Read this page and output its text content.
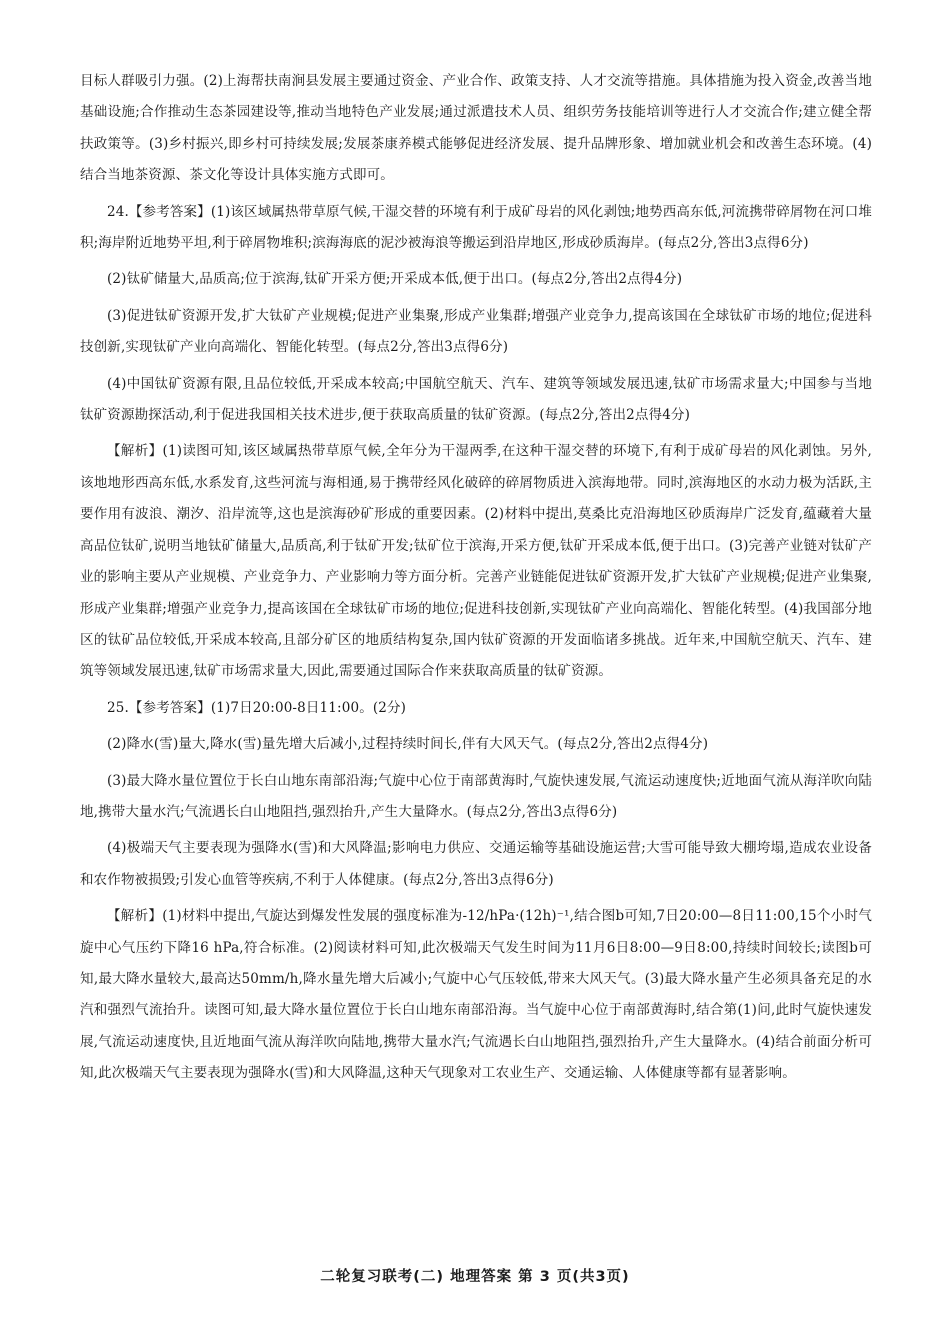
目标人群吸引力强。(2)上海帮扶南涧县发展主要通过资金、产业合作、政策支持、人才交流等措施。具体措施为投入资金,改善当地基础设施;合作推动生态茶园建设等,推动当地特色产业发展;通过派遣技术人员、组织劳务技能培训等进行人才交流合作;建立健全帮扶政策等。(3)乡村振兴,即乡村可持续发展;发展茶康养模式能够促进经济发展、提升品牌形象、增加就业机会和改善生态环境。(4)结合当地茶资源、茶文化等设计具体实施方式即可。

24.【参考答案】(1)该区域属热带草原气候,干湿交替的环境有利于成矿母岩的风化剥蚀;地势西高东低,河流携带碎屑物在河口堆积;海岸附近地势平坦,利于碎屑物堆积;滨海海底的泥沙被海浪等搬运到沿岸地区,形成砂质海岸。(每点2分,答出3点得6分)

(2)钛矿储量大,品质高;位于滨海,钛矿开采方便;开采成本低,便于出口。(每点2分,答出2点得4分)

(3)促进钛矿资源开发,扩大钛矿产业规模;促进产业集聚,形成产业集群;增强产业竞争力,提高该国在全球钛矿市场的地位;促进科技创新,实现钛矿产业向高端化、智能化转型。(每点2分,答出3点得6分)

(4)中国钛矿资源有限,且品位较低,开采成本较高;中国航空航天、汽车、建筑等领域发展迅速,钛矿市场需求量大;中国参与当地钛矿资源勘探活动,利于促进我国相关技术进步,便于获取高质量的钛矿资源。(每点2分,答出2点得4分)

【解析】(1)读图可知,该区域属热带草原气候,全年分为干湿两季,在这种干湿交替的环境下,有利于成矿母岩的风化剥蚀。另外,该地地形西高东低,水系发育,这些河流与海相通,易于携带经风化破碎的碎屑物质进入滨海地带。同时,滨海地区的水动力极为活跃,主要作用有波浪、潮汐、沿岸流等,这也是滨海砂矿形成的重要因素。(2)材料中提出,莫桑比克沿海地区砂质海岸广泛发育,蕴藏着大量高品位钛矿,说明当地钛矿储量大,品质高,利于钛矿开发;钛矿位于滨海,开采方便,钛矿开采成本低,便于出口。(3)完善产业链对钛矿产业的影响主要从产业规模、产业竞争力、产业影响力等方面分析。完善产业链能促进钛矿资源开发,扩大钛矿产业规模;促进产业集聚,形成产业集群;增强产业竞争力,提高该国在全球钛矿市场的地位;促进科技创新,实现钛矿产业向高端化、智能化转型。(4)我国部分地区的钛矿品位较低,开采成本较高,且部分矿区的地质结构复杂,国内钛矿资源的开发面临诸多挑战。近年来,中国航空航天、汽车、建筑等领域发展迅速,钛矿市场需求量大,因此,需要通过国际合作来获取高质量的钛矿资源。

25.【参考答案】(1)7日20:00-8日11:00。(2分)

(2)降水(雪)量大,降水(雪)量先增大后减小,过程持续时间长,伴有大风天气。(每点2分,答出2点得4分)

(3)最大降水量位置位于长白山地东南部沿海;气旋中心位于南部黄海时,气旋快速发展,气流运动速度快;近地面气流从海洋吹向陆地,携带大量水汽;气流遇长白山地阻挡,强烈抬升,产生大量降水。(每点2分,答出3点得6分)

(4)极端天气主要表现为强降水(雪)和大风降温;影响电力供应、交通运输等基础设施运营;大雪可能导致大棚垮塌,造成农业设备和农作物被损毁;引发心血管等疾病,不利于人体健康。(每点2分,答出3点得6分)

【解析】(1)材料中提出,气旋达到爆发性发展的强度标准为-12/hPa·(12h)⁻¹,结合图b可知,7日20:00—8日11:00,15个小时气旋中心气压约下降16 hPa,符合标准。(2)阅读材料可知,此次极端天气发生时间为11月6日8:00—9日8:00,持续时间较长;读图b可知,最大降水量较大,最高达50mm/h,降水量先增大后减小;气旋中心气压较低,带来大风天气。(3)最大降水量产生必须具备充足的水汽和强烈气流抬升。读图可知,最大降水量位置位于长白山地东南部沿海。当气旋中心位于南部黄海时,结合第(1)问,此时气旋快速发展,气流运动速度快,且近地面气流从海洋吹向陆地,携带大量水汽;气流遇长白山地阻挡,强烈抬升,产生大量降水。(4)结合前面分析可知,此次极端天气主要表现为强降水(雪)和大风降温,这种天气现象对工农业生产、交通运输、人体健康等都有显著影响。

二轮复习联考(二) 地理答案 第 3 页(共3页)
